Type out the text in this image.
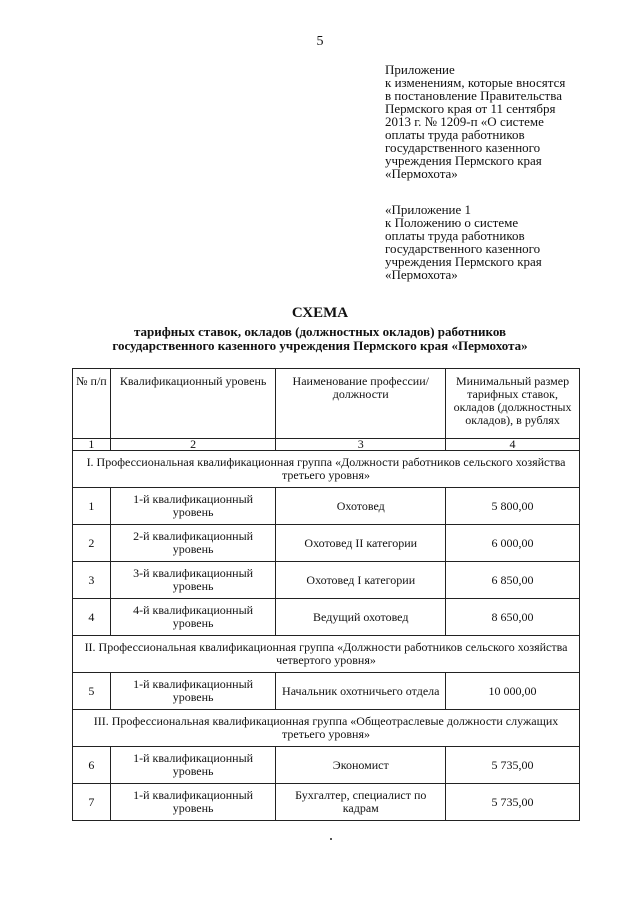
5
Приложение
к изменениям, которые вносятся
в постановление Правительства
Пермского края от 11 сентября
2013 г. № 1209-п «О системе
оплаты труда работников
государственного казенного
учреждения Пермского края
«Пермохота»
«Приложение 1
к Положению о системе
оплаты труда работников
государственного казенного
учреждения Пермского края
«Пермохота»
СХЕМА
тарифных ставок, окладов (должностных окладов) работников
государственного казенного учреждения Пермского края «Пермохота»
№ п/п	Квалификационный уровень	Наименование профессии/должности	Минимальный размер тарифных ставок, окладов (должностных окладов), в рублях
1	2	3	4
I. Профессиональная квалификационная группа «Должности работников сельского хозяйства третьего уровня»			
1	1-й квалификационный уровень	Охотовед	5 800,00
2	2-й квалификационный уровень	Охотовед II категории	6 000,00
3	3-й квалификационный уровень	Охотовед I категории	6 850,00
4	4-й квалификационный уровень	Ведущий охотовед	8 650,00
II. Профессиональная квалификационная группа «Должности работников сельского хозяйства четвертого уровня»			
5	1-й квалификационный уровень	Начальник охотничьего отдела	10 000,00
III. Профессиональная квалификационная группа «Общеотраслевые должности служащих третьего уровня»			
6	1-й квалификационный уровень	Экономист	5 735,00
7	1-й квалификационный уровень	Бухгалтер, специалист по кадрам	5 735,00
